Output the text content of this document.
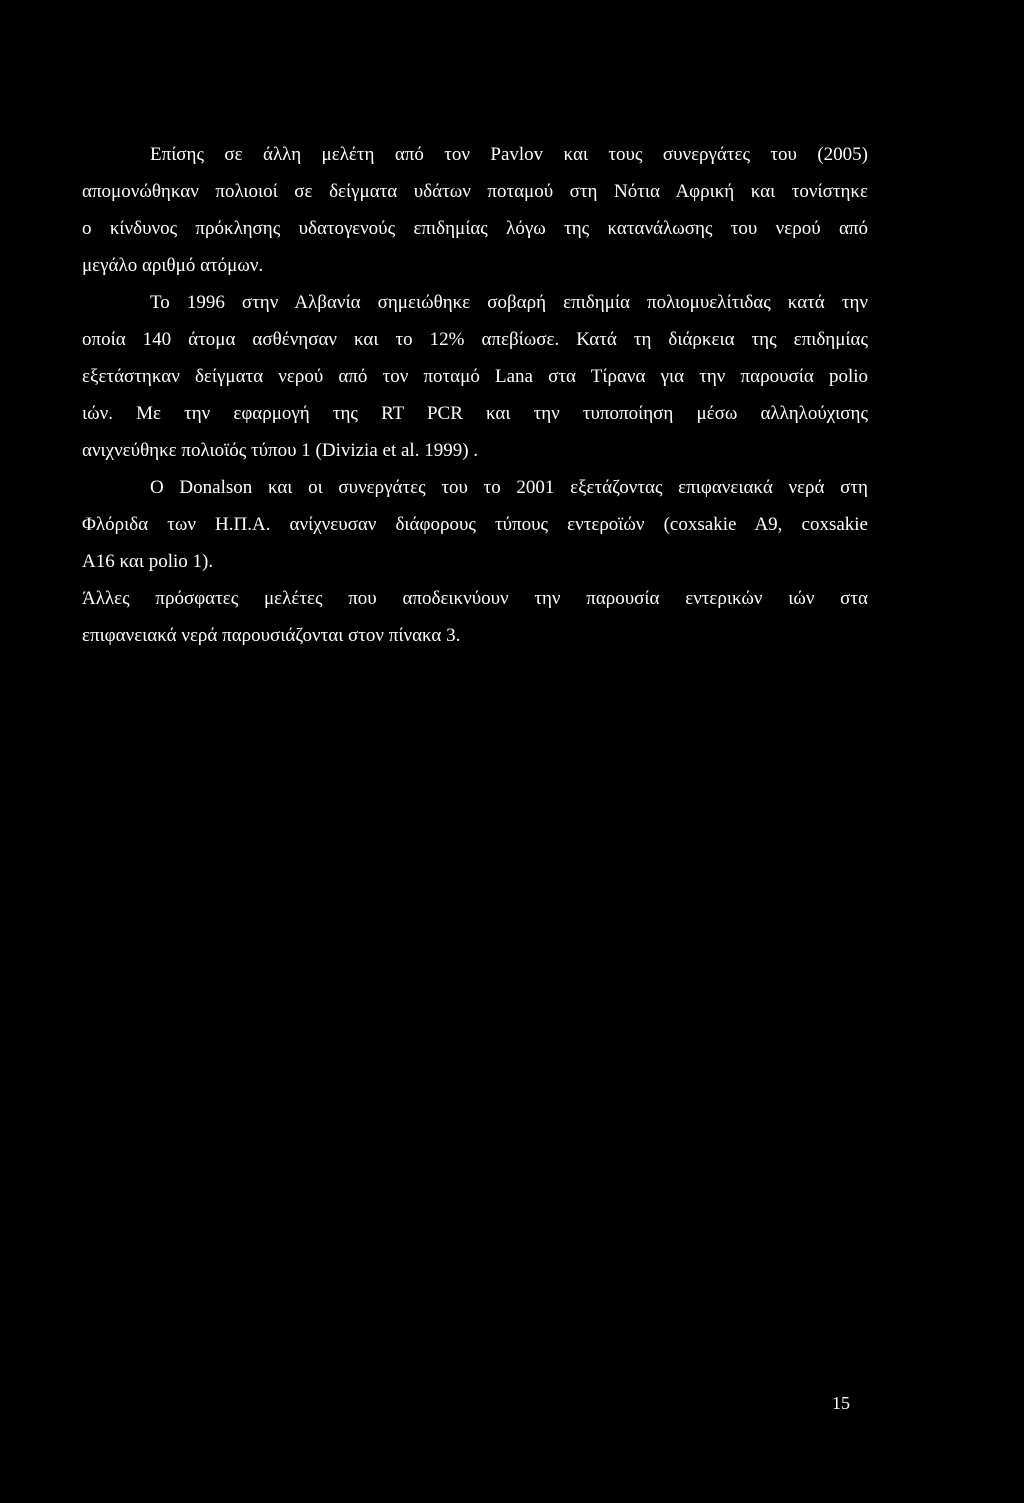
Επίσης σε άλλη μελέτη από τον Pavlov και τους συνεργάτες του (2005)
απομονώθηκαν πολιοιοί σε δείγματα υδάτων ποταμού στη Νότια Αφρική και τονίστηκε
ο κίνδυνος πρόκλησης υδατογενούς επιδημίας λόγω της κατανάλωσης του νερού από
μεγάλο αριθμό ατόμων.
Το 1996 στην Αλβανία σημειώθηκε σοβαρή επιδημία πολιομυελίτιδας κατά την
οποία 140 άτομα ασθένησαν και το 12% απεβίωσε. Κατά τη διάρκεια της επιδημίας
εξετάστηκαν δείγματα νερού από τον ποταμό Lana στα Τίρανα για την παρουσία polio
ιών. Με την εφαρμογή της RT PCR και την τυποποίηση μέσω αλληλούχισης
ανιχνεύθηκε πολιοϊός τύπου 1 (Divizia et al. 1999) .
O Donalson και οι συνεργάτες του το 2001 εξετάζοντας επιφανειακά νερά στη
Φλόριδα των Η.Π.Α. ανίχνευσαν διάφορους τύπους εντεροϊών (coxsakie A9, coxsakie
A16 και polio 1).
Άλλες πρόσφατες μελέτες που αποδεικνύουν την παρουσία εντερικών ιών στα
επιφανειακά νερά παρουσιάζονται στον πίνακα 3.
15
